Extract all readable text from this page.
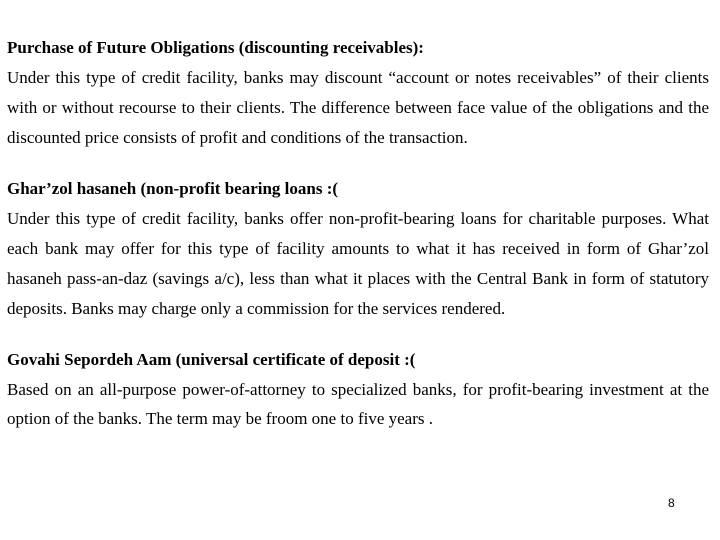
Purchase of Future Obligations (discounting receivables):

Under this type of credit facility, banks may discount “account or notes receivables” of their clients with or without recourse to their clients. The difference between face value of the obligations and the discounted price consists of profit and conditions of the transaction.

Ghar’zol hasaneh (non-profit bearing loans :(

Under this type of credit facility, banks offer non-profit-bearing loans for charitable purposes. What each bank may offer for this type of facility amounts to what it has received in form of Ghar’zol hasaneh pass-an-daz (savings a/c), less than what it places with the Central Bank in form of statutory deposits. Banks may charge only a commission for the services rendered.

Govahi Sepordeh Aam (universal certificate of deposit :(

Based on an all-purpose power-of-attorney to specialized banks, for profit-bearing investment at the option of the banks. The term may be froom one to five years .

8
